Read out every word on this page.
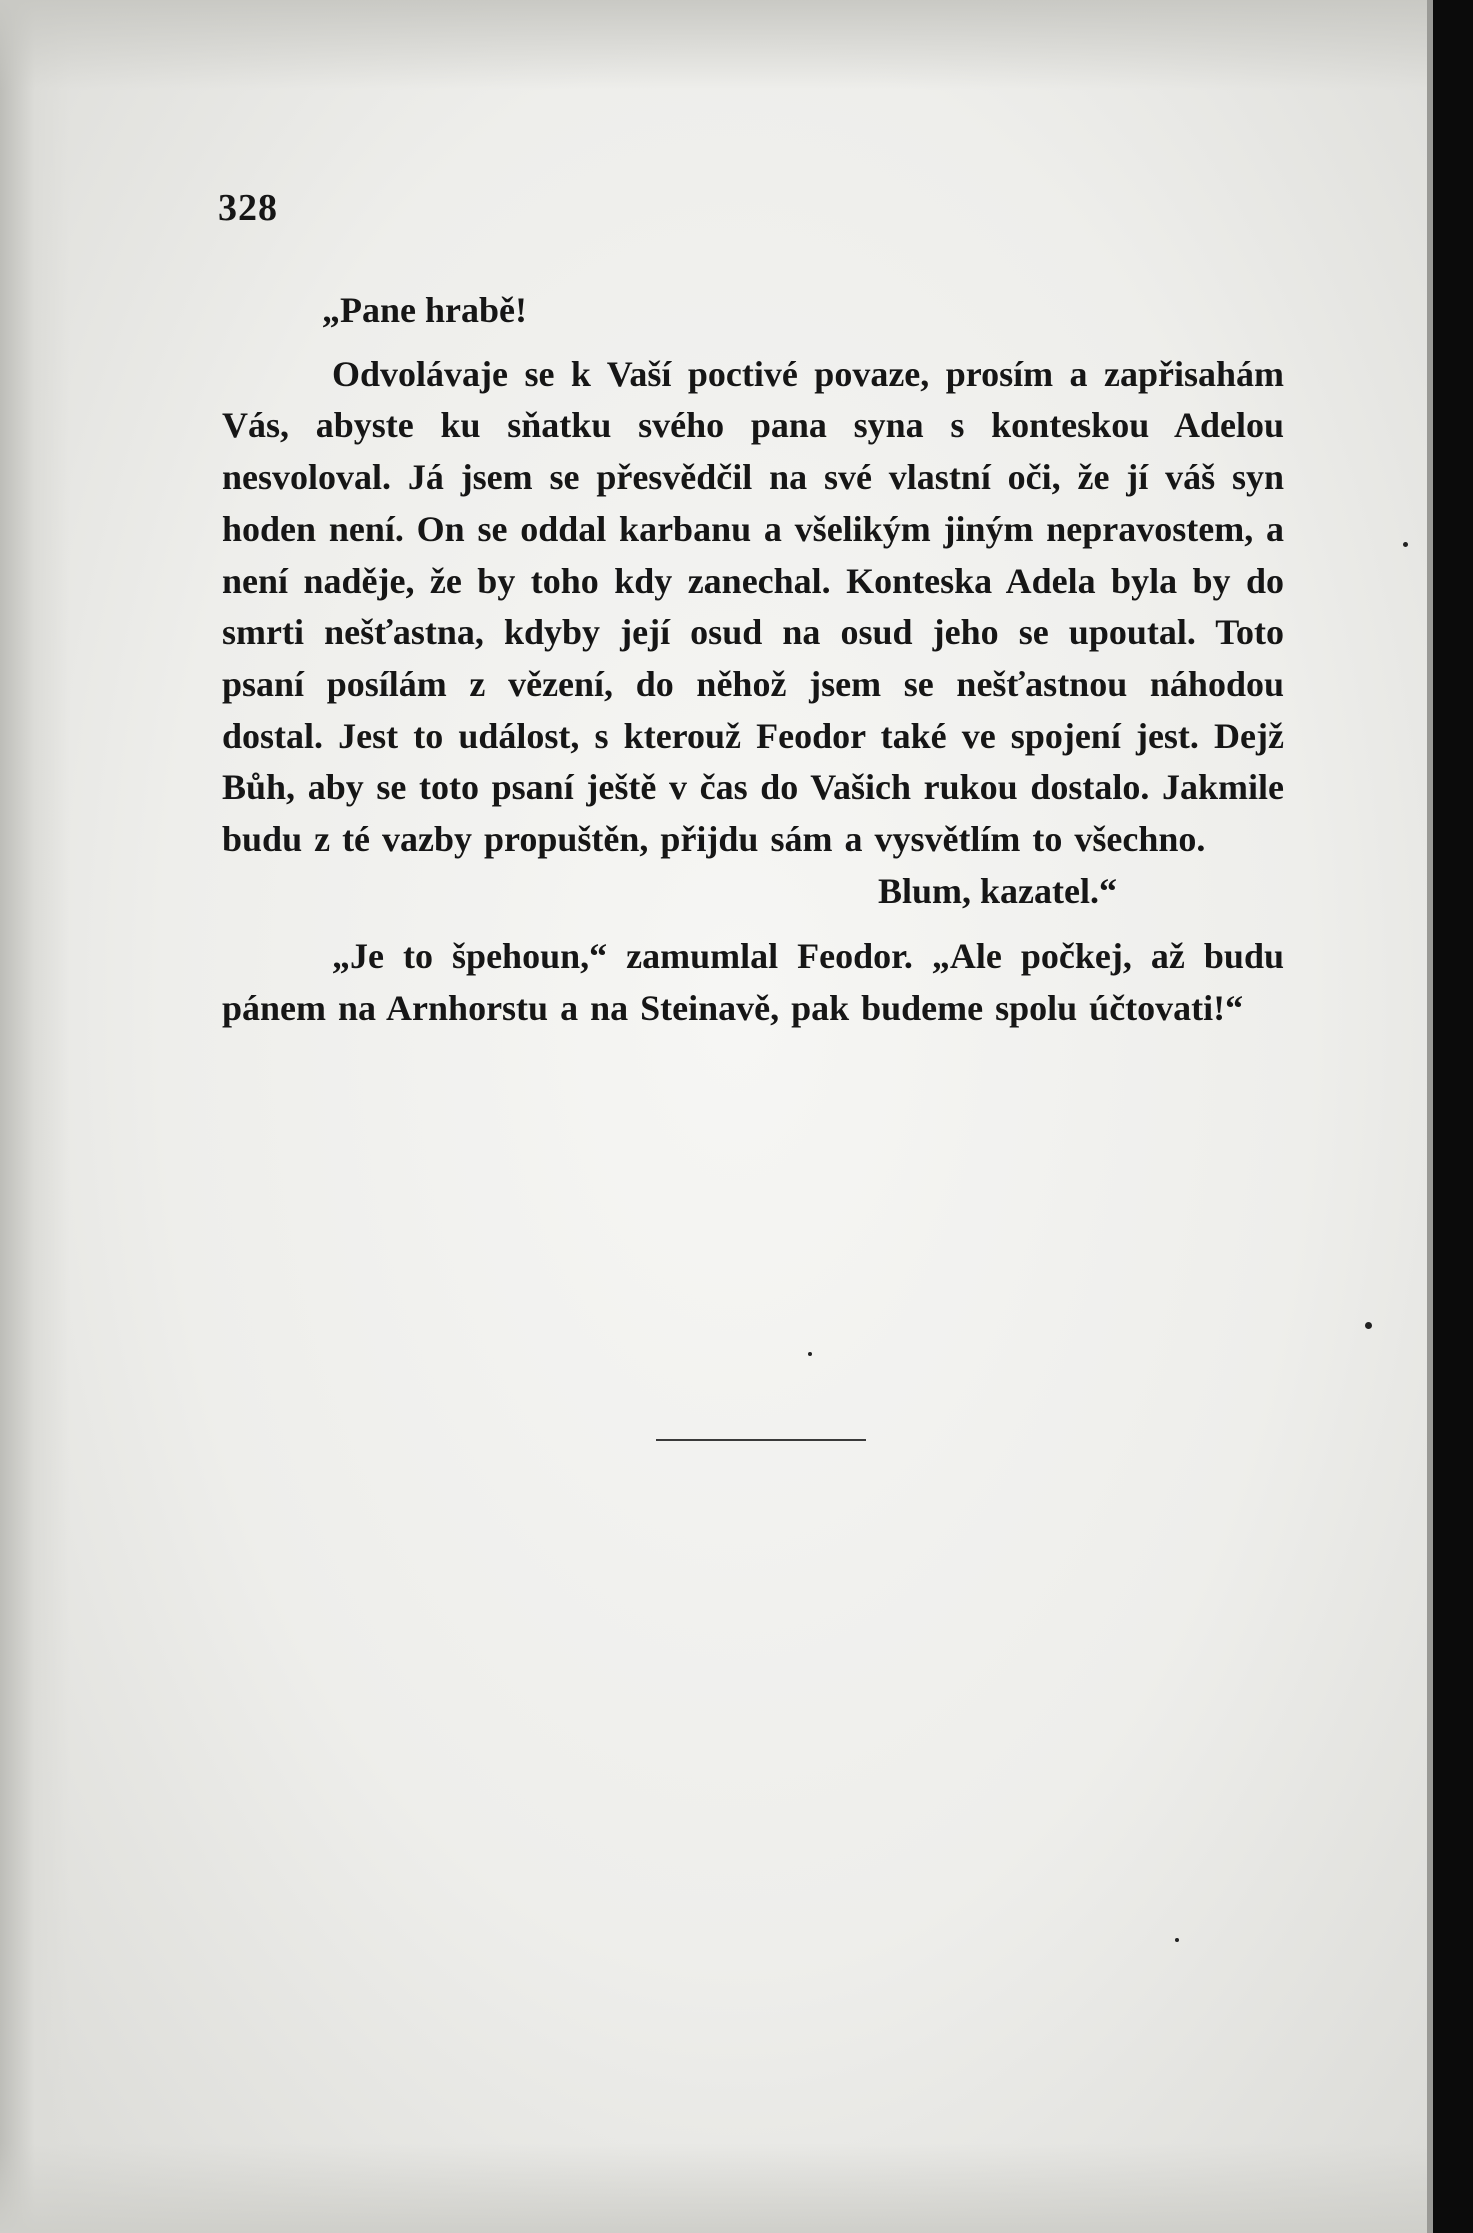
328

„Pane hrabě!

Odvolávaje se k Vaší poctivé povaze, prosím a zapřisahám Vás, abyste ku sňatku svého pana syna s konteskou Adelou nesvoloval. Já jsem se přesvědčil na své vlastní oči, že jí váš syn hoden není. On se oddal karbanu a všelikým jiným nepravostem, a není naděje, že by toho kdy zanechal. Konteska Adela byla by do smrti nešťastna, kdyby její osud na osud jeho se upoutal. Toto psaní posílám z vězení, do něhož jsem se nešťastnou náhodou dostal. Jest to událost, s kterouž Feodor také ve spojení jest. Dejž Bůh, aby se toto psaní ještě v čas do Vašich rukou dostalo. Jakmile budu z té vazby propuštěn, přijdu sám a vysvětlím to všechno.

Blum, kazatel.“

„Je to špehoun,“ zamumlal Feodor. „Ale počkej, až budu pánem na Arnhorstu a na Steinavě, pak budeme spolu účtovati!“
